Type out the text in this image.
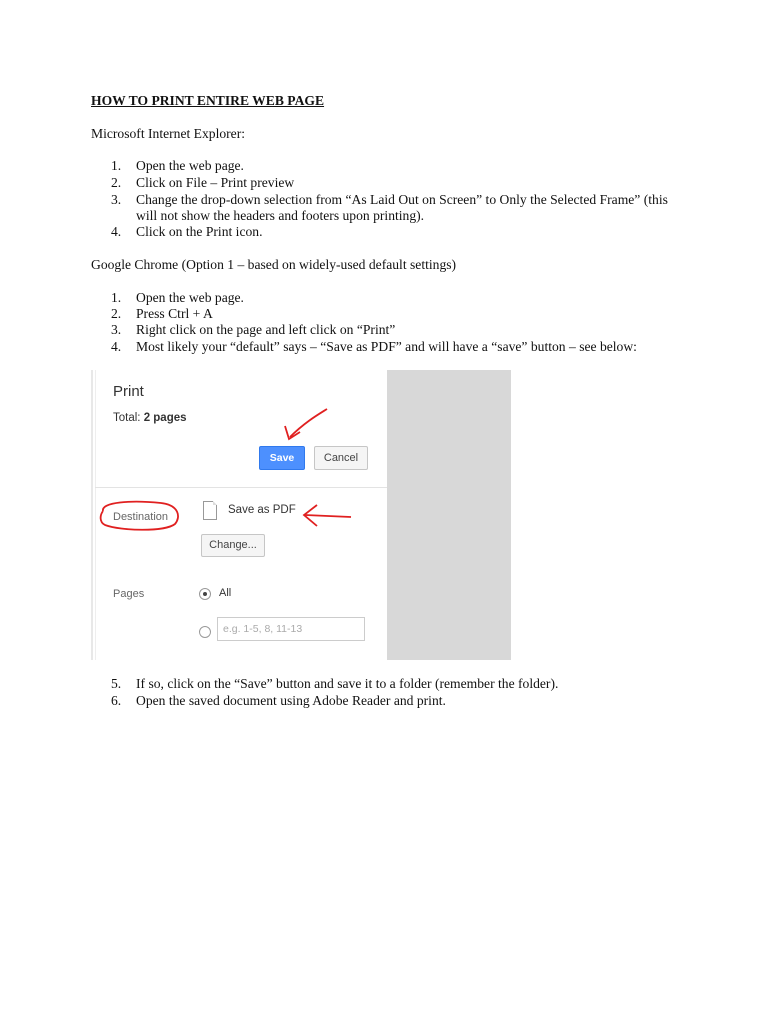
HOW TO PRINT ENTIRE WEB PAGE
Microsoft Internet Explorer:
1.	Open the web page.
2.	Click on File – Print preview
3.	Change the drop-down selection from “As Laid Out on Screen” to Only the Selected Frame” (this
will not show the headers and footers upon printing).
4.	Click on the Print icon.
Google Chrome (Option 1 – based on widely-used default settings)
1.	Open the web page.
2.	Press Ctrl + A
3.	Right click on the page and left click on “Print”
4.	Most likely your “default” says – “Save as PDF” and will have a “save” button – see below:
Print
Total: 2 pages
Save	Cancel
Destination
Save as PDF
Change...
Pages	All
e.g. 1-5, 8, 11-13
5.	If so, click on the “Save” button and save it to a folder (remember the folder).
6.	Open the saved document using Adobe Reader and print.
